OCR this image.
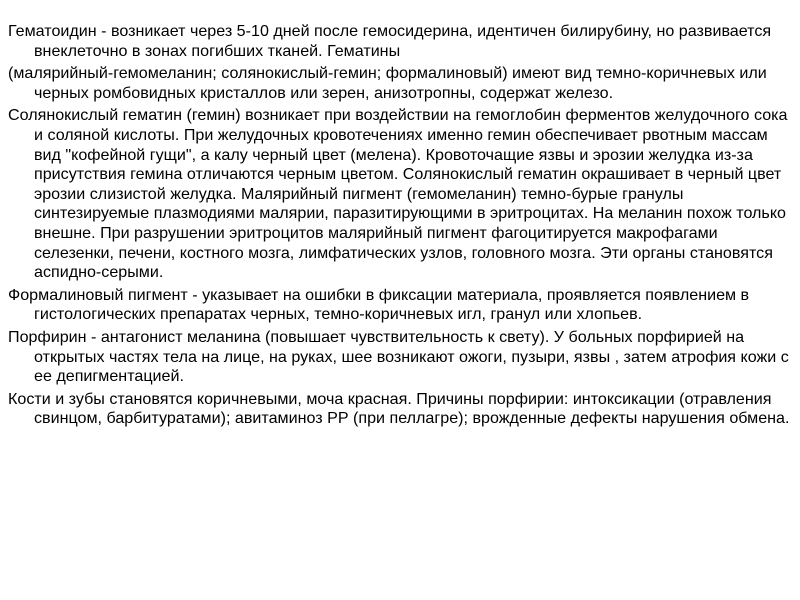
Гематоидин - возникает через 5-10 дней после гемосидерина, идентичен билирубину, но развивается внеклеточно в зонах погибших тканей. Гематины

(малярийный-гемомеланин; солянокислый-гемин; формалиновый) имеют вид темно-коричневых или черных ромбовидных кристаллов или зерен, анизотропны, содержат железо.

Солянокислый гематин (гемин) возникает при воздействии на гемоглобин ферментов желудочного сока и соляной кислоты. При желудочных кровотечениях именно гемин обеспечивает рвотным массам вид "кофейной гущи", а калу черный цвет (мелена). Кровоточащие язвы и эрозии желудка из-за присутствия гемина отличаются черным цветом. Солянокислый гематин окрашивает в черный цвет эрозии слизистой желудка. Малярийный пигмент (гемомеланин) темно-бурые гранулы синтезируемые плазмодиями малярии, паразитирующими в эритроцитах. На меланин похож только внешне. При разрушении эритроцитов малярийный пигмент фагоцитируется макрофагами селезенки, печени, костного мозга, лимфатических узлов, головного мозга. Эти органы становятся аспидно-серыми.

Формалиновый пигмент - указывает на ошибки в фиксации материала, проявляется появлением в гистологических препаратах черных, темно-коричневых игл, гранул или хлопьев.

Порфирин - антагонист меланина (повышает чувствительность к свету). У больных порфирией на открытых частях тела на лице, на руках, шее возникают ожоги, пузыри, язвы , затем атрофия кожи с ее депигментацией.

Кости и зубы становятся коричневыми, моча красная. Причины порфирии: интоксикации (отравления свинцом, барбитуратами); авитаминоз РР (при пеллагре); врожденные дефекты нарушения обмена.
